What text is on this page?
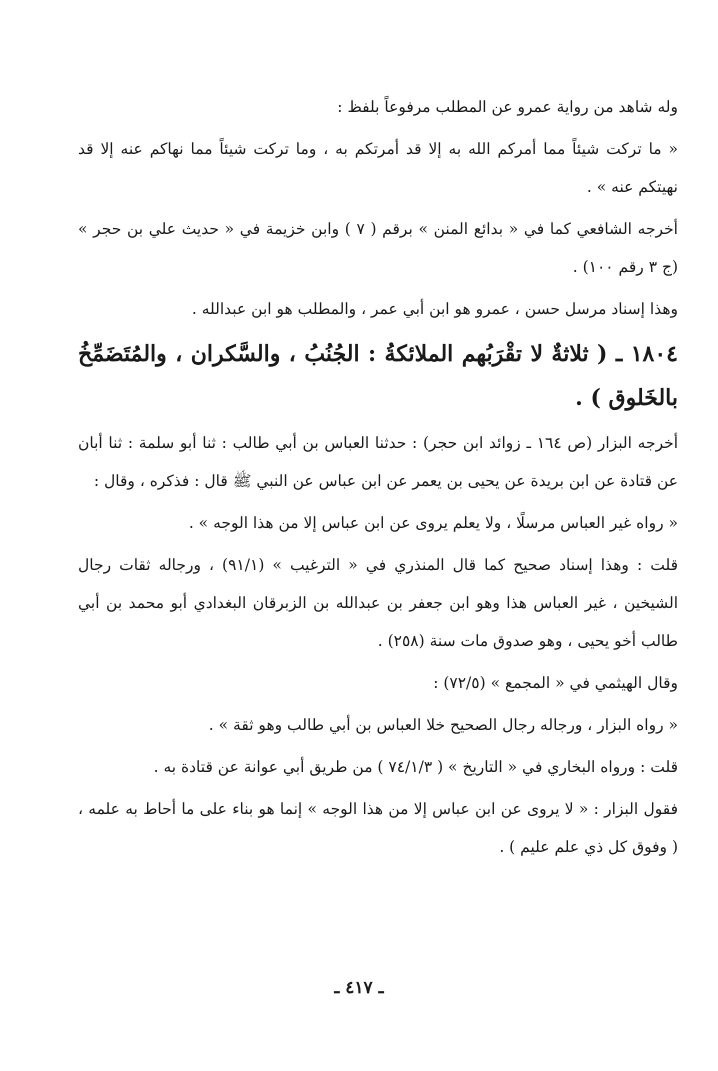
وله شاهد من رواية عمرو عن المطلب مرفوعاً بلفظ :

« ما تركت شيئاً مما أمركم الله به إلا قد أمرتكم به ، وما تركت شيئاً مما نهاكم عنه إلا قد نهيتكم عنه » .

أخرجه الشافعي كما في « بدائع المنن » برقم ( ٧ ) وابن خزيمة في « حديث علي بن حجر » (ج ٣ رقم ١٠٠) .

وهذا إسناد مرسل حسن ، عمرو هو ابن أبي عمر ، والمطلب هو ابن عبدالله .

١٨٠٤ ـ ( ثلاثةٌ لا تقْرَبُهم الملائكةُ : الجُنُبُ ، والسَّكران ، والمُتَضَمِّخُ بالخَلوق ) .

أخرجه البزار (ص ١٦٤ ـ زوائد ابن حجر) : حدثنا العباس بن أبي طالب : ثنا أبو سلمة : ثنا أبان عن قتادة عن ابن بريدة عن يحيى بن يعمر عن ابن عباس عن النبي ﷺ قال : فذكره ، وقال :

« رواه غير العباس مرسلًا ، ولا يعلم يروى عن ابن عباس إلا من هذا الوجه » .

قلت : وهذا إسناد صحيح كما قال المنذري في « الترغيب » (٩١/١) ، ورجاله ثقات رجال الشيخين ، غير العباس هذا وهو ابن جعفر بن عبدالله بن الزبرقان البغدادي أبو محمد بن أبي طالب أخو يحيى ، وهو صدوق مات سنة (٢٥٨) .

وقال الهيثمي في « المجمع » (٧٢/٥) :

« رواه البزار ، ورجاله رجال الصحيح خلا العباس بن أبي طالب وهو ثقة » .

قلت : ورواه البخاري في « التاريخ » ( ٧٤/١/٣ ) من طريق أبي عوانة عن قتادة به .

فقول البزار : « لا يروى عن ابن عباس إلا من هذا الوجه » إنما هو بناء على ما أحاط به علمه ، ( وفوق كل ذي علم عليم ) .

ـ ٤١٧ ـ
